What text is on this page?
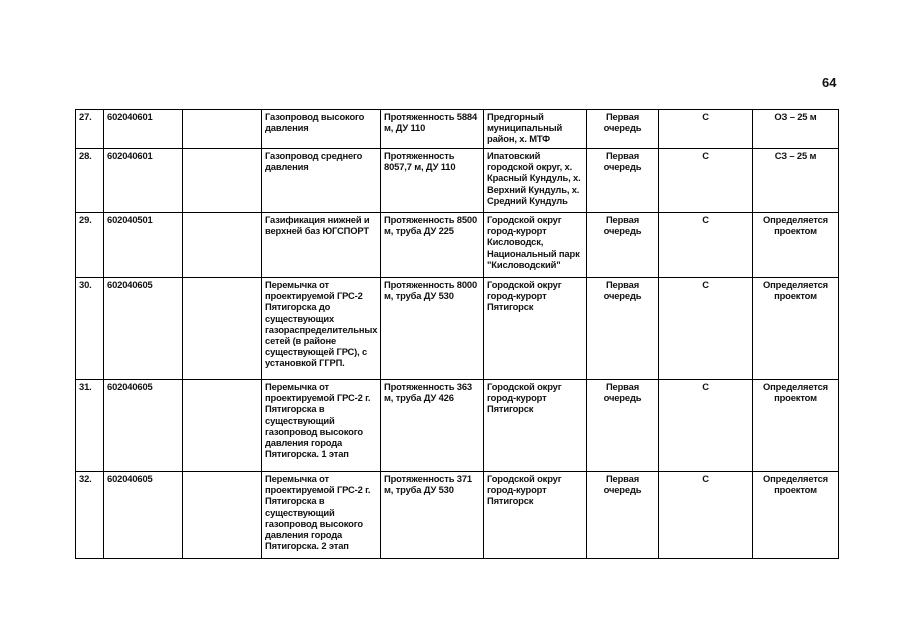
64
27.	602040601		Газопровод высокого давления	Протяженность 5884 м, ДУ 110	Предгорный муниципальный район, х. МТФ	Первая очередь	С	ОЗ – 25 м
28.	602040601		Газопровод среднего давления	Протяженность 8057,7 м, ДУ 110	Ипатовский городской округ, х. Красный Кундуль, х. Верхний Кундуль, х. Средний Кундуль	Первая очередь	С	СЗ – 25 м
29.	602040501		Газификация нижней и верхней баз ЮГСПОРТ	Протяженность 8500 м, труба ДУ 225	Городской округ город-курорт Кисловодск, Национальный парк "Кисловодский"	Первая очередь	С	Определяется проектом
30.	602040605		Перемычка от проектируемой ГРС-2 Пятигорска до существующих газораспределительных сетей (в районе существующей ГРС), с установкой ГГРП.	Протяженность 8000 м, труба ДУ 530	Городской округ город-курорт Пятигорск	Первая очередь	С	Определяется проектом
31.	602040605		Перемычка от проектируемой ГРС-2 г. Пятигорска в существующий газопровод высокого давления города Пятигорска. 1 этап	Протяженность 363 м, труба ДУ 426	Городской округ город-курорт Пятигорск	Первая очередь	С	Определяется проектом
32.	602040605		Перемычка от проектируемой ГРС-2 г. Пятигорска в существующий газопровод высокого давления города Пятигорска. 2 этап	Протяженность 371 м, труба ДУ 530	Городской округ город-курорт Пятигорск	Первая очередь	С	Определяется проектом
